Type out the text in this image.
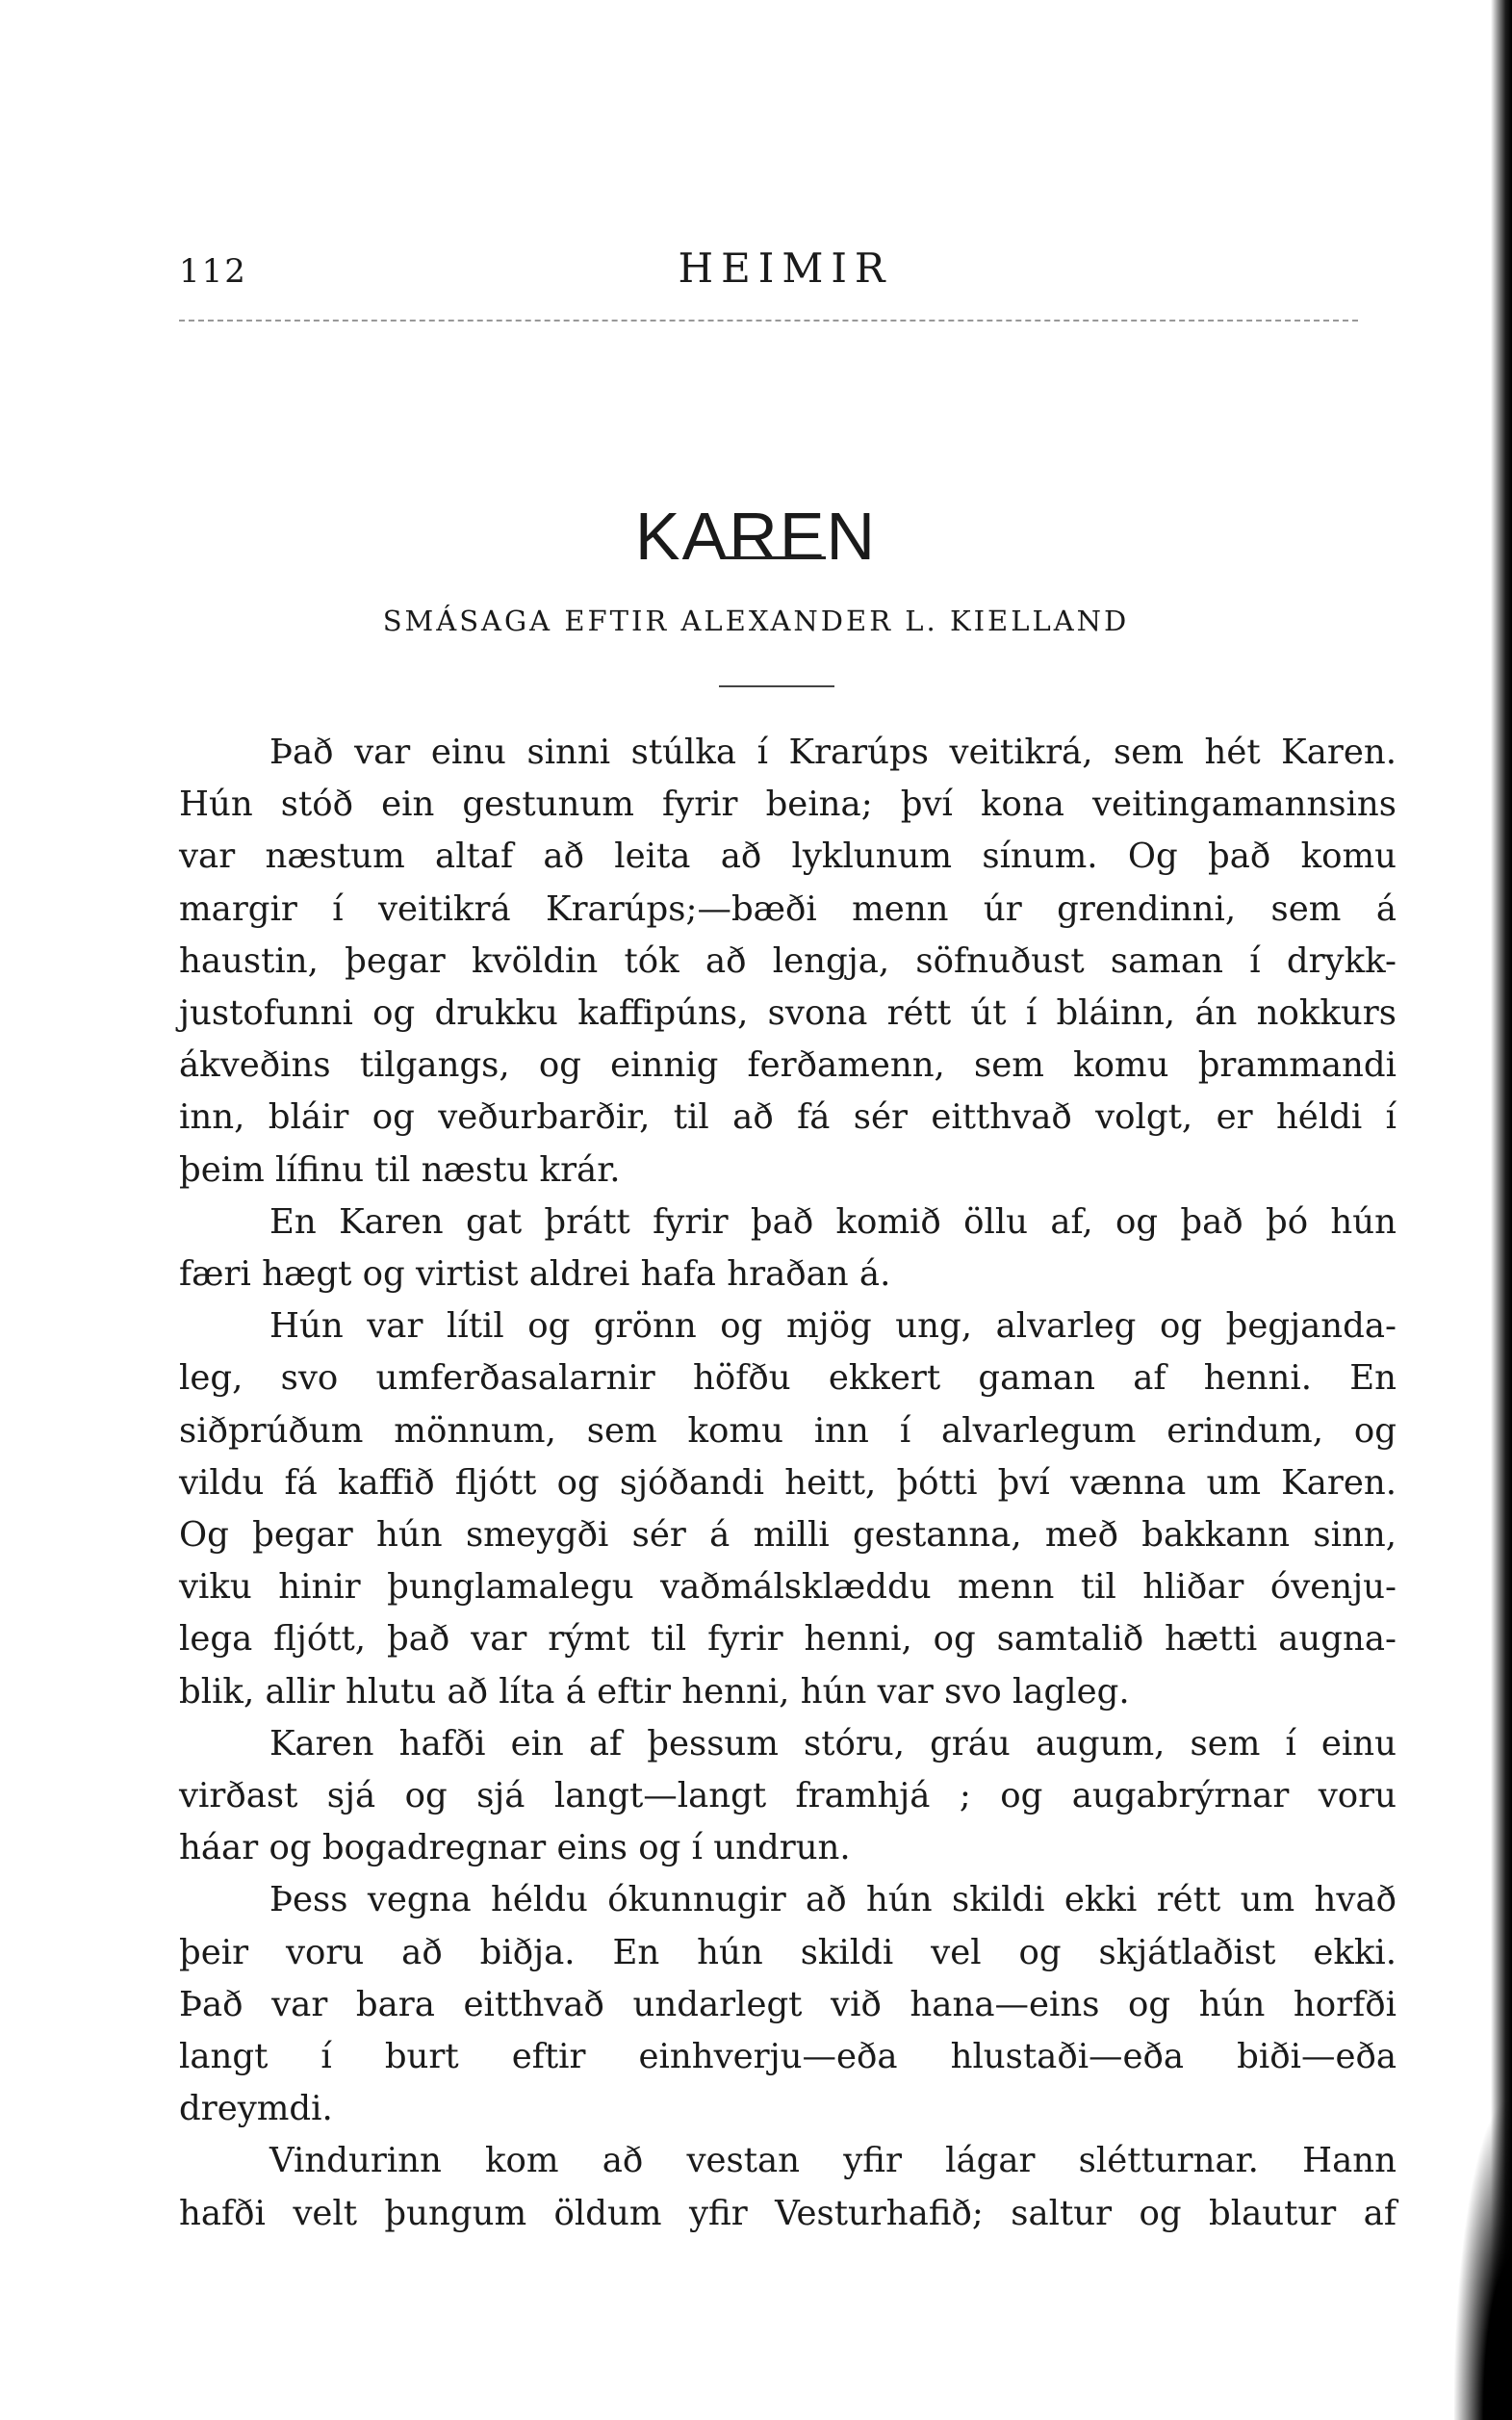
112	HEIMIR
KAREN
SMÁSAGA EFTIR ALEXANDER L. KIELLAND
Það var einu sinni stúlka í Krarúps veitikrá, sem hét Karen.
Hún stóð ein gestunum fyrir beina; því kona veitingamannsins
var næstum altaf að leita að lyklunum sínum. Og það komu
margir í veitikrá Krarúps;—bæði menn úr grendinni, sem á
haustin, þegar kvöldin tók að lengja, söfnuðust saman í drykk-
justofunni og drukku kaffipúns, svona rétt út í bláinn, án nokkurs
ákveðins tilgangs, og einnig ferðamenn, sem komu þrammandi
inn, bláir og veðurbarðir, til að fá sér eitthvað volgt, er héldi í
þeim lífinu til næstu krár.
En Karen gat þrátt fyrir það komið öllu af, og það þó hún
færi hægt og virtist aldrei hafa hraðan á.
Hún var lítil og grönn og mjög ung, alvarleg og þegjanda-
leg, svo umferðasalarnir höfðu ekkert gaman af henni. En
siðprúðum mönnum, sem komu inn í alvarlegum erindum, og
vildu fá kaffið fljótt og sjóðandi heitt, þótti því vænna um Karen.
Og þegar hún smeygði sér á milli gestanna, með bakkann sinn,
viku hinir þunglamalegu vaðmálsklæddu menn til hliðar óvenju-
lega fljótt, það var rýmt til fyrir henni, og samtalið hætti augna-
blik, allir hlutu að líta á eftir henni, hún var svo lagleg.
Karen hafði ein af þessum stóru, gráu augum, sem í einu
virðast sjá og sjá langt—langt framhjá ; og augabrýrnar voru
háar og bogadregnar eins og í undrun.
Þess vegna héldu ókunnugir að hún skildi ekki rétt um hvað
þeir voru að biðja. En hún skildi vel og skjátlaðist ekki.
Það var bara eitthvað undarlegt við hana—eins og hún horfði
langt í burt eftir einhverju—eða hlustaði—eða biði—eða
dreymdi.
Vindurinn kom að vestan yfir lágar slétturnar. Hann
hafði velt þungum öldum yfir Vesturhafið; saltur og blautur af
